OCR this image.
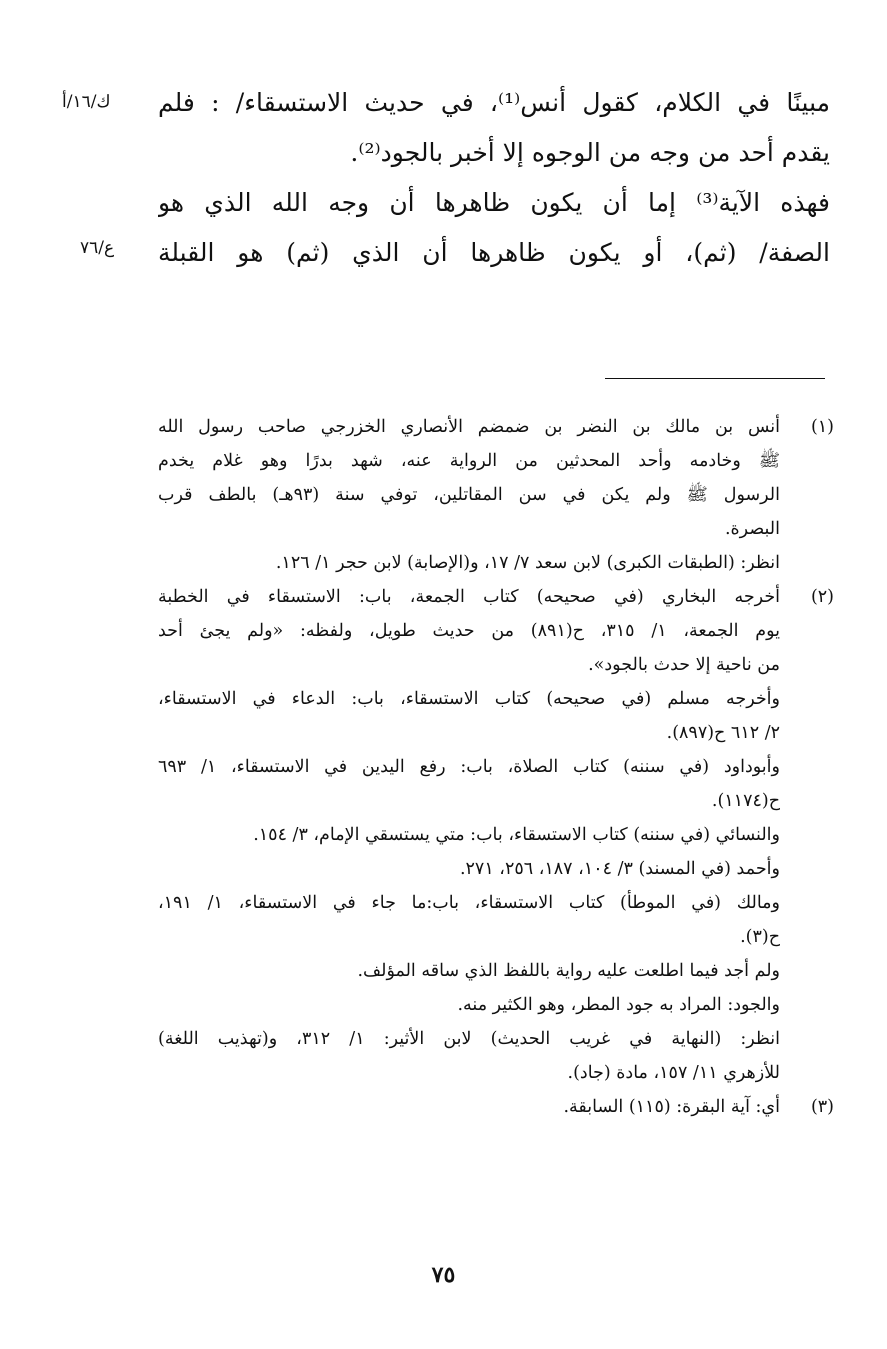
ك/١٦/أ
ع/٧٦
مبينًا في الكلام، كقول أنس⁽¹⁾، في حديث الاستسقاء/ : فلم
يقدم أحد من وجه من الوجوه إلا أخبر بالجود⁽²⁾.
فهذه الآية⁽³⁾ إما أن يكون ظاهرها أن وجه الله الذي هو
الصفة/ (ثم)، أو يكون ظاهرها أن الذي (ثم) هو القبلة
(١)
أنس بن مالك بن النضر بن ضمضم الأنصاري الخزرجي صاحب رسول الله
ﷺ وخادمه وأحد المحدثين من الرواية عنه، شهد بدرًا وهو غلام يخدم
الرسول ﷺ ولم يكن في سن المقاتلين، توفي سنة (٩٣هـ) بالطف قرب
البصرة.
انظر: (الطبقات الكبرى) لابن سعد ٧/ ١٧، و(الإصابة) لابن حجر ١/ ١٢٦.
(٢)
أخرجه البخاري (في صحيحه) كتاب الجمعة، باب: الاستسقاء في الخطبة
يوم الجمعة، ١/ ٣١٥، ح(٨٩١) من حديث طويل، ولفظه: «ولم يجئ أحد
من ناحية إلا حدث بالجود».
وأخرجه مسلم (في صحيحه) كتاب الاستسقاء، باب: الدعاء في الاستسقاء،
٢/ ٦١٢ ح(٨٩٧).
وأبوداود (في سننه) كتاب الصلاة، باب: رفع اليدين في الاستسقاء، ١/ ٦٩٣
ح(١١٧٤).
والنسائي (في سننه) كتاب الاستسقاء، باب: متي يستسقي الإمام، ٣/ ١٥٤.
وأحمد (في المسند) ٣/ ١٠٤، ١٨٧، ٢٥٦، ٢٧١.
ومالك (في الموطأ) كتاب الاستسقاء، باب:ما جاء في الاستسقاء، ١/ ١٩١،
ح(٣).
ولم أجد فيما اطلعت عليه رواية باللفظ الذي ساقه المؤلف.
والجود: المراد به جود المطر، وهو الكثير منه.
انظر: (النهاية في غريب الحديث) لابن الأثير: ١/ ٣١٢، و(تهذيب اللغة)
للأزهري ١١/ ١٥٧، مادة (جاد).
(٣)
أي: آية البقرة: (١١٥) السابقة.
٧٥
